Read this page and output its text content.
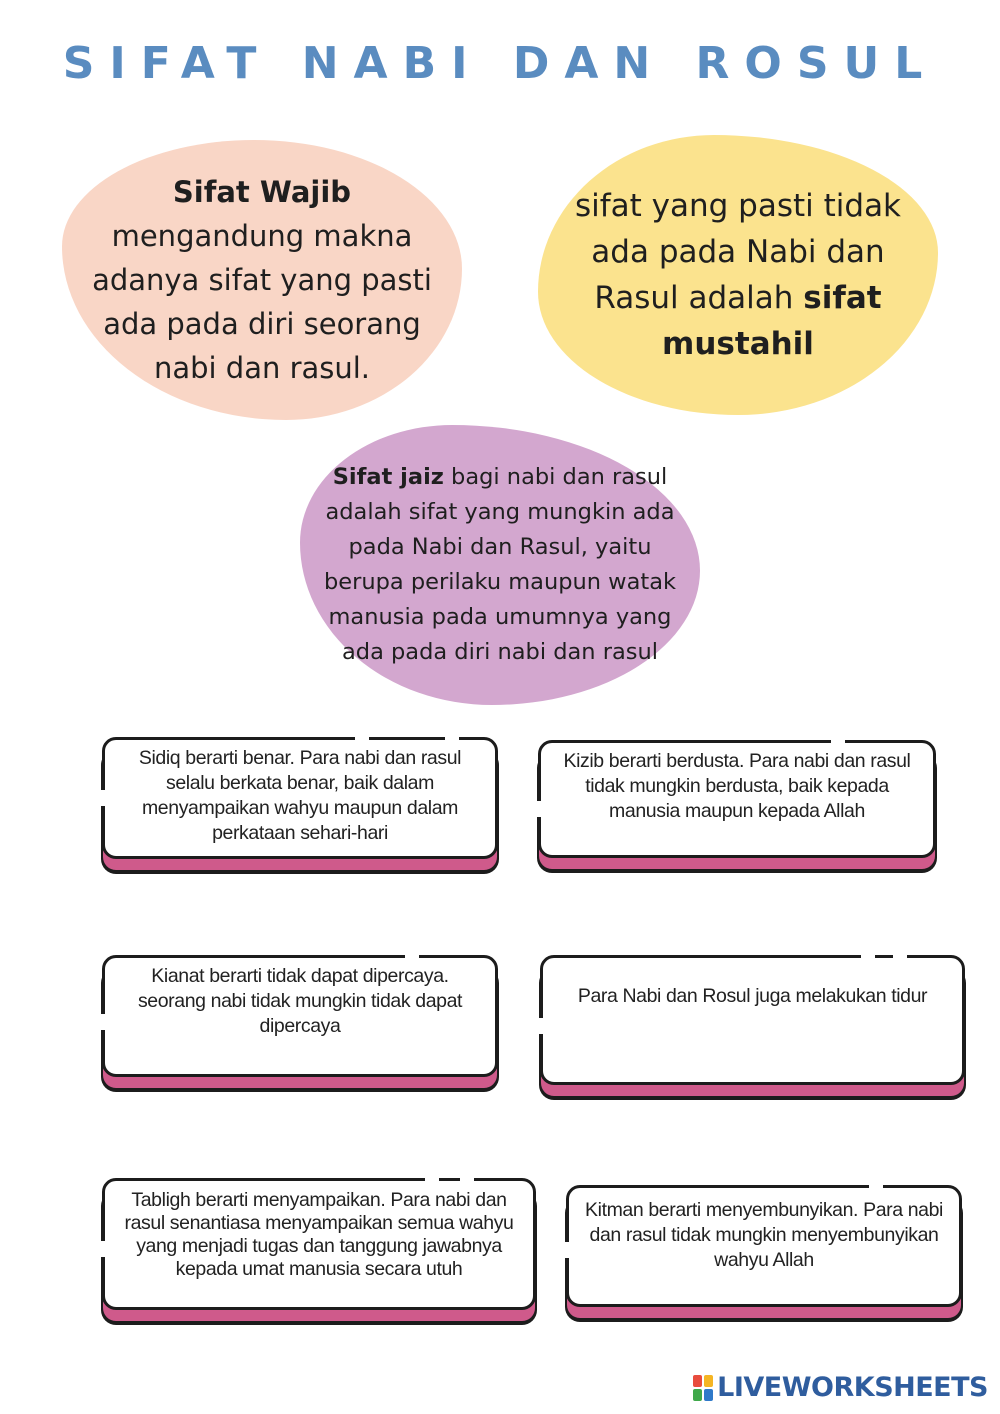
SIFAT NABI DAN ROSUL
Sifat Wajib
mengandung makna adanya sifat yang pasti ada pada diri seorang nabi dan rasul.
sifat yang pasti tidak ada pada Nabi dan Rasul adalah sifat mustahil
Sifat jaiz bagi nabi dan rasul adalah sifat yang mungkin ada pada Nabi dan Rasul, yaitu berupa perilaku maupun watak manusia pada umumnya yang ada pada diri nabi dan rasul
Sidiq berarti benar. Para nabi dan rasul selalu berkata benar, baik dalam menyampaikan wahyu maupun dalam perkataan sehari-hari
Kizib berarti berdusta. Para nabi dan rasul tidak mungkin berdusta, baik kepada manusia maupun kepada Allah
Kianat berarti tidak dapat dipercaya. seorang nabi tidak mungkin tidak dapat dipercaya
Para Nabi dan Rosul juga melakukan tidur
Tabligh berarti menyampaikan. Para nabi dan rasul senantiasa menyampaikan semua wahyu yang menjadi tugas dan tanggung jawabnya kepada umat manusia secara utuh
Kitman berarti menyembunyikan. Para nabi dan rasul tidak mungkin menyembunyikan wahyu Allah
LIVEWORKSHEETS
